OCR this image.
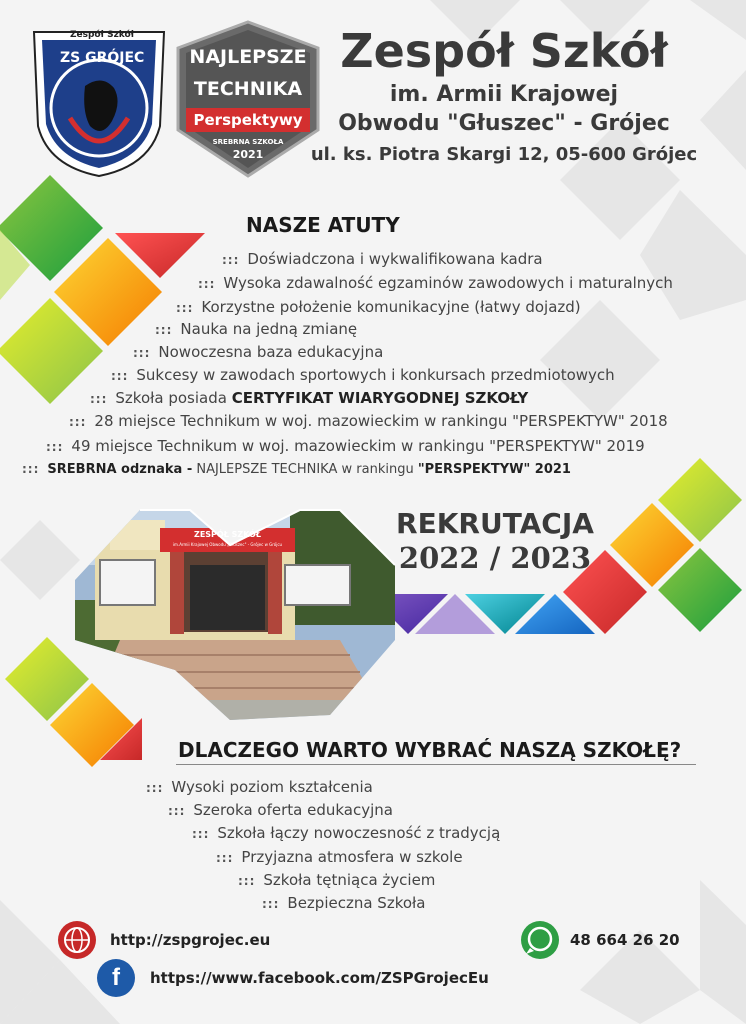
Zespół Szkół
ZS GRÓJEC NAJLEPSZE
TECHNIKA
Perspektywy
SREBRNA SZKOŁA
2021
Zespół Szkół
im. Armii Krajowej
Obwodu "Głuszec" - Grójec
ul. ks. Piotra Skargi 12, 05-600 Grójec
NASZE ATUTY
::: Doświadczona i wykwalifikowana kadra
::: Wysoka zdawalność egzaminów zawodowych i maturalnych
::: Korzystne położenie komunikacyjne (łatwy dojazd)
::: Nauka na jedną zmianę
::: Nowoczesna baza edukacyjna
::: Sukcesy w zawodach sportowych i konkursach przedmiotowych
::: Szkoła posiada CERTYFIKAT WIARYGODNEJ SZKOŁY
::: 28 miejsce Technikum w woj. mazowieckim w rankingu "PERSPEKTYW" 2018
::: 49 miejsce Technikum w woj. mazowieckim w rankingu "PERSPEKTYW" 2019
::: SREBRNA odznaka - NAJLEPSZE TECHNIKA w rankingu "PERSPEKTYW" 2021
ZESPÓŁ SZKÓŁ
im.Armii Krajowej Obwodu „Głuszec" - Grójec w Grójcu
REKRUTACJA
2022 / 2023
DLACZEGO WARTO WYBRAĆ NASZĄ SZKOŁĘ?
::: Wysoki poziom kształcenia
::: Szeroka oferta edukacyjna
::: Szkoła łączy nowoczesność z tradycją
::: Przyjazna atmosfera w szkole
::: Szkoła tętniąca życiem
::: Bezpieczna Szkoła
http://zspgrojec.eu	48 664 26 20
f	https://www.facebook.com/ZSPGrojecEu
